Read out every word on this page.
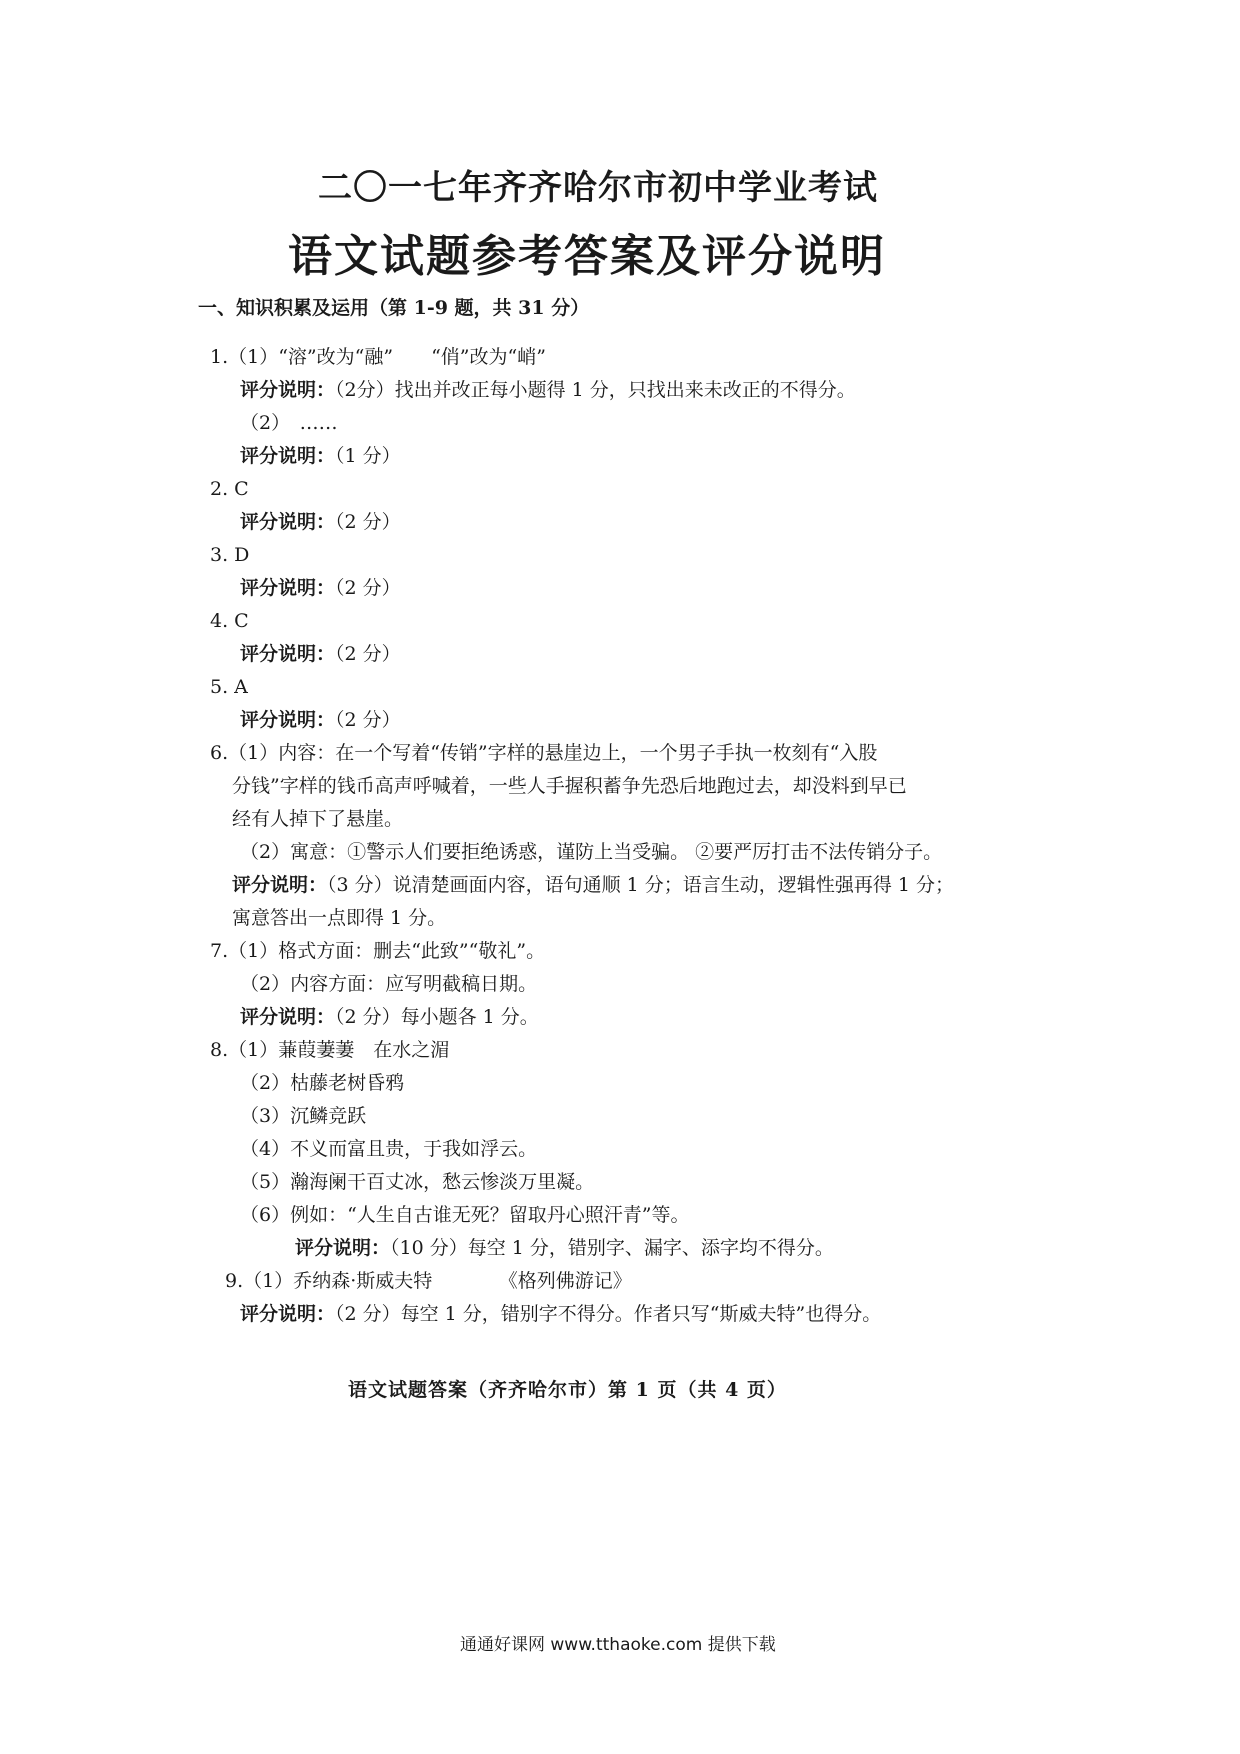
二〇一七年齐齐哈尔市初中学业考试
语文试题参考答案及评分说明
一、知识积累及运用（第 1-9 题，共 31 分）
1.（1）“溶”改为“融”　　“俏”改为“峭”
评分说明：（2分）找出并改正每小题得 1 分，只找出来未改正的不得分。
（2）　……
评分说明：（1 分）
2. C
评分说明：（2 分）
3. D
评分说明：（2 分）
4. C
评分说明：（2 分）
5. A
评分说明：（2 分）
6.（1）内容：在一个写着“传销”字样的悬崖边上，一个男子手执一枚刻有“入股
分钱”字样的钱币高声呼喊着，一些人手握积蓄争先恐后地跑过去，却没料到早已
经有人掉下了悬崖。
（2）寓意：①警示人们要拒绝诱惑，谨防上当受骗。 ②要严厉打击不法传销分子。
评分说明：（3 分）说清楚画面内容，语句通顺 1 分；语言生动，逻辑性强再得 1 分；
寓意答出一点即得 1 分。
7.（1）格式方面：删去“此致”“敬礼”。
（2）内容方面：应写明截稿日期。
评分说明：（2 分）每小题各 1 分。
8.（1）蒹葭萋萋　在水之湄
（2）枯藤老树昏鸦
（3）沉鳞竞跃
（4）不义而富且贵，于我如浮云。
（5）瀚海阑干百丈冰，愁云惨淡万里凝。
（6）例如：“人生自古谁无死？留取丹心照汗青”等。
评分说明：（10 分）每空 1 分，错别字、漏字、添字均不得分。
9.（1）乔纳森·斯威夫特　　　　《格列佛游记》
评分说明：（2 分）每空 1 分，错别字不得分。作者只写“斯威夫特”也得分。
语文试题答案（齐齐哈尔市）第 1 页（共 4 页）
通通好课网 www.tthaoke.com 提供下载
